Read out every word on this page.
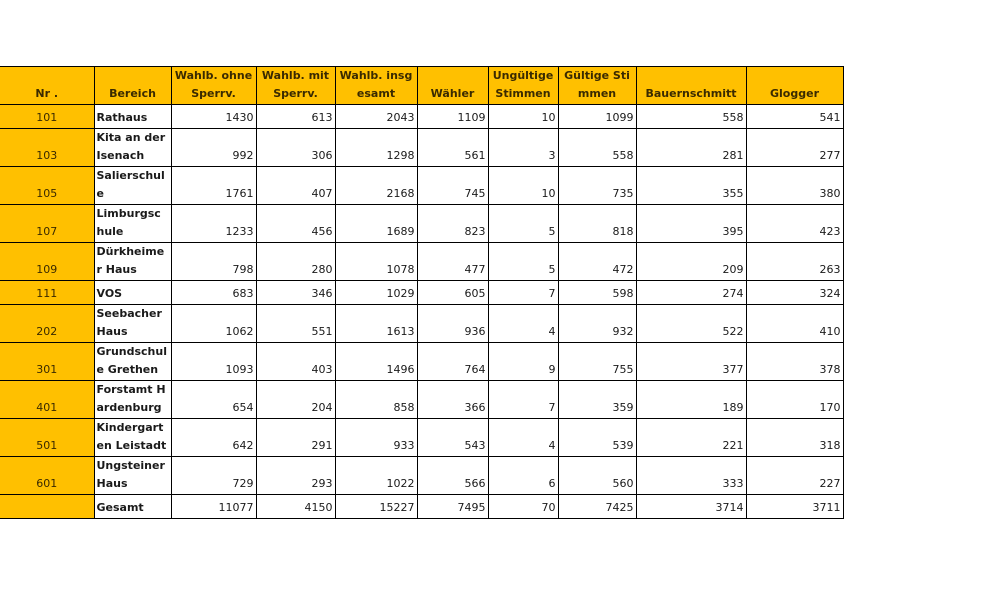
Nr .	Bereich	Wahlb. ohne Sperrv.	Wahlb. mit Sperrv.	Wahlb. insgesamt	Wähler	Ungültige Stimmen	Gültige Stimmen	Bauernschmitt	Glogger
101	Rathaus	1430	613	2043	1109	10	1099	558	541
103	Kita an der Isenach	992	306	1298	561	3	558	281	277
105	Salierschule	1761	407	2168	745	10	735	355	380
107	Limburgschule	1233	456	1689	823	5	818	395	423
109	Dürkheimer Haus	798	280	1078	477	5	472	209	263
111	VOS	683	346	1029	605	7	598	274	324
202	Seebacher Haus	1062	551	1613	936	4	932	522	410
301	Grundschule Grethen	1093	403	1496	764	9	755	377	378
401	Forstamt Hardenburg	654	204	858	366	7	359	189	170
501	Kindergarten Leistadt	642	291	933	543	4	539	221	318
601	Ungsteiner Haus	729	293	1022	566	6	560	333	227
	Gesamt	11077	4150	15227	7495	70	7425	3714	3711
